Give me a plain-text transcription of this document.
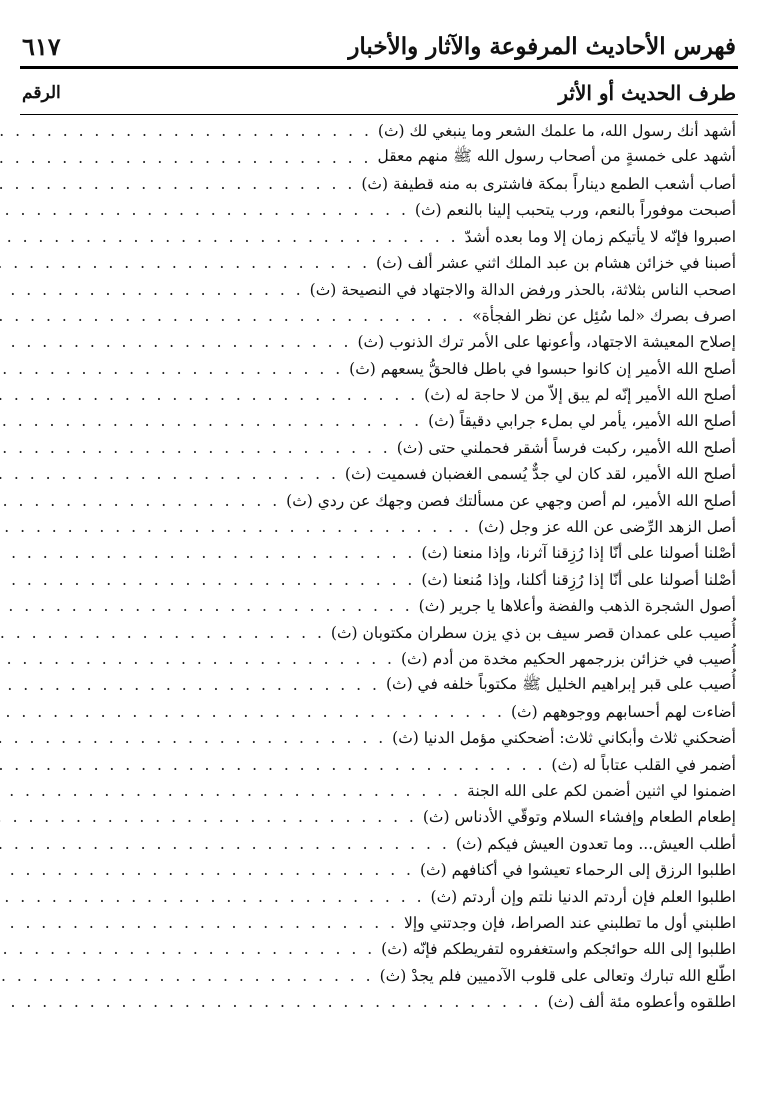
فهرس الأحاديث المرفوعة والآثار والأخبار
٦١٧
طرف الحديث أو الأثر
الرقم
أشهد أنك رسول الله، ما علمك الشعر وما ينبغي لك (ث)
. . .
أشهد على خمسةٍ من أصحاب رسول الله ﷺ منهم معقل
. . .
أصاب أشعب الطمع ديناراً بمكة فاشترى به منه قطيفة (ث)
. . .
أصبحت موفوراً بالنعم، ورب يتحبب إلينا بالنعم (ث)
. . .
اصبروا فإنّه لا يأتيكم زمان إلا وما بعده أشدّ
. . .
أصبنا في خزائن هشام بن عبد الملك اثني عشر ألف (ث)
. . .
اصحب الناس بثلاثة، بالحذر ورفض الدالة والاجتهاد في النصيحة (ث)
. . .
اصرف بصرك «لما سُئِل عن نظر الفجأة»
. . .
إصلاح المعيشة الاجتهاد، وأعونها على الأمر ترك الذنوب (ث)
. . .
أصلح الله الأمير إن كانوا حبسوا في باطل فالحقُّ يسعهم (ث)
. . .
أصلح الله الأمير إنّه لم يبق إلاّ من لا حاجة له (ث)
. . .
أصلح الله الأمير، يأمر لي بملء جرابي دقيقاً (ث)
. . .
أصلح الله الأمير، ركبت فرساً أشقر فحملني حتى (ث)
. . .
أصلح الله الأمير، لقد كان لي جدٌّ يُسمى الغضبان فسميت (ث)
. . .
أصلح الله الأمير، لم أصن وجهي عن مسألتك فصن وجهك عن ردي (ث)
. . .
أصل الزهد الرِّضى عن الله عز وجل (ث)
. . .
أصْلنا أصولنا على أنّا إذا رُزِقنا آثرنا، وإذا منعنا (ث)
. . .
أصْلنا أصولنا على أنّا إذا رُزِقنا أكلنا، وإذا مُنعنا (ث)
. . .
أصول الشجرة الذهب والفضة وأعلاها يا جرير (ث)
. . .
أُصيب على عمدان قصر سيف بن ذي يزن سطران مكتوبان (ث)
. . .
أُصيب في خزائن بزرجمهر الحكيم مخدة من أدم (ث)
. . .
أُصيب على قبر إبراهيم الخليل ﷺ مكتوباً خلفه في (ث)
. . .
أضاءت لهم أحسابهم ووجوههم (ث)
. . .
أضحكني ثلاث وأبكاني ثلاث: أضحكني مؤمل الدنيا (ث)
. . .
أضمر في القلب عتاباً له (ث)
. . .
اضمنوا لي اثنين أضمن لكم على الله الجنة
. . .
إطعام الطعام وإفشاء السلام وتوقّي الأدناس (ث)
. . .
أطلب العيش... وما تعدون العيش فيكم (ث)
. . .
اطلبوا الرزق إلى الرحماء تعيشوا في أكنافهم (ث)
. . .
اطلبوا العلم فإن أردتم الدنيا نلتم وإن أردتم (ث)
. . .
اطلبني أول ما تطلبني عند الصراط، فإن وجدتني وإلا
. . .
اطلبوا إلى الله حوائجكم واستغفروه لتفريطكم فإنّه (ث)
. . .
اطّلع الله تبارك وتعالى على قلوب الآدميين فلم يجدْ (ث)
. . .
اطلقوه وأعطوه مئة ألف (ث)
. . .
